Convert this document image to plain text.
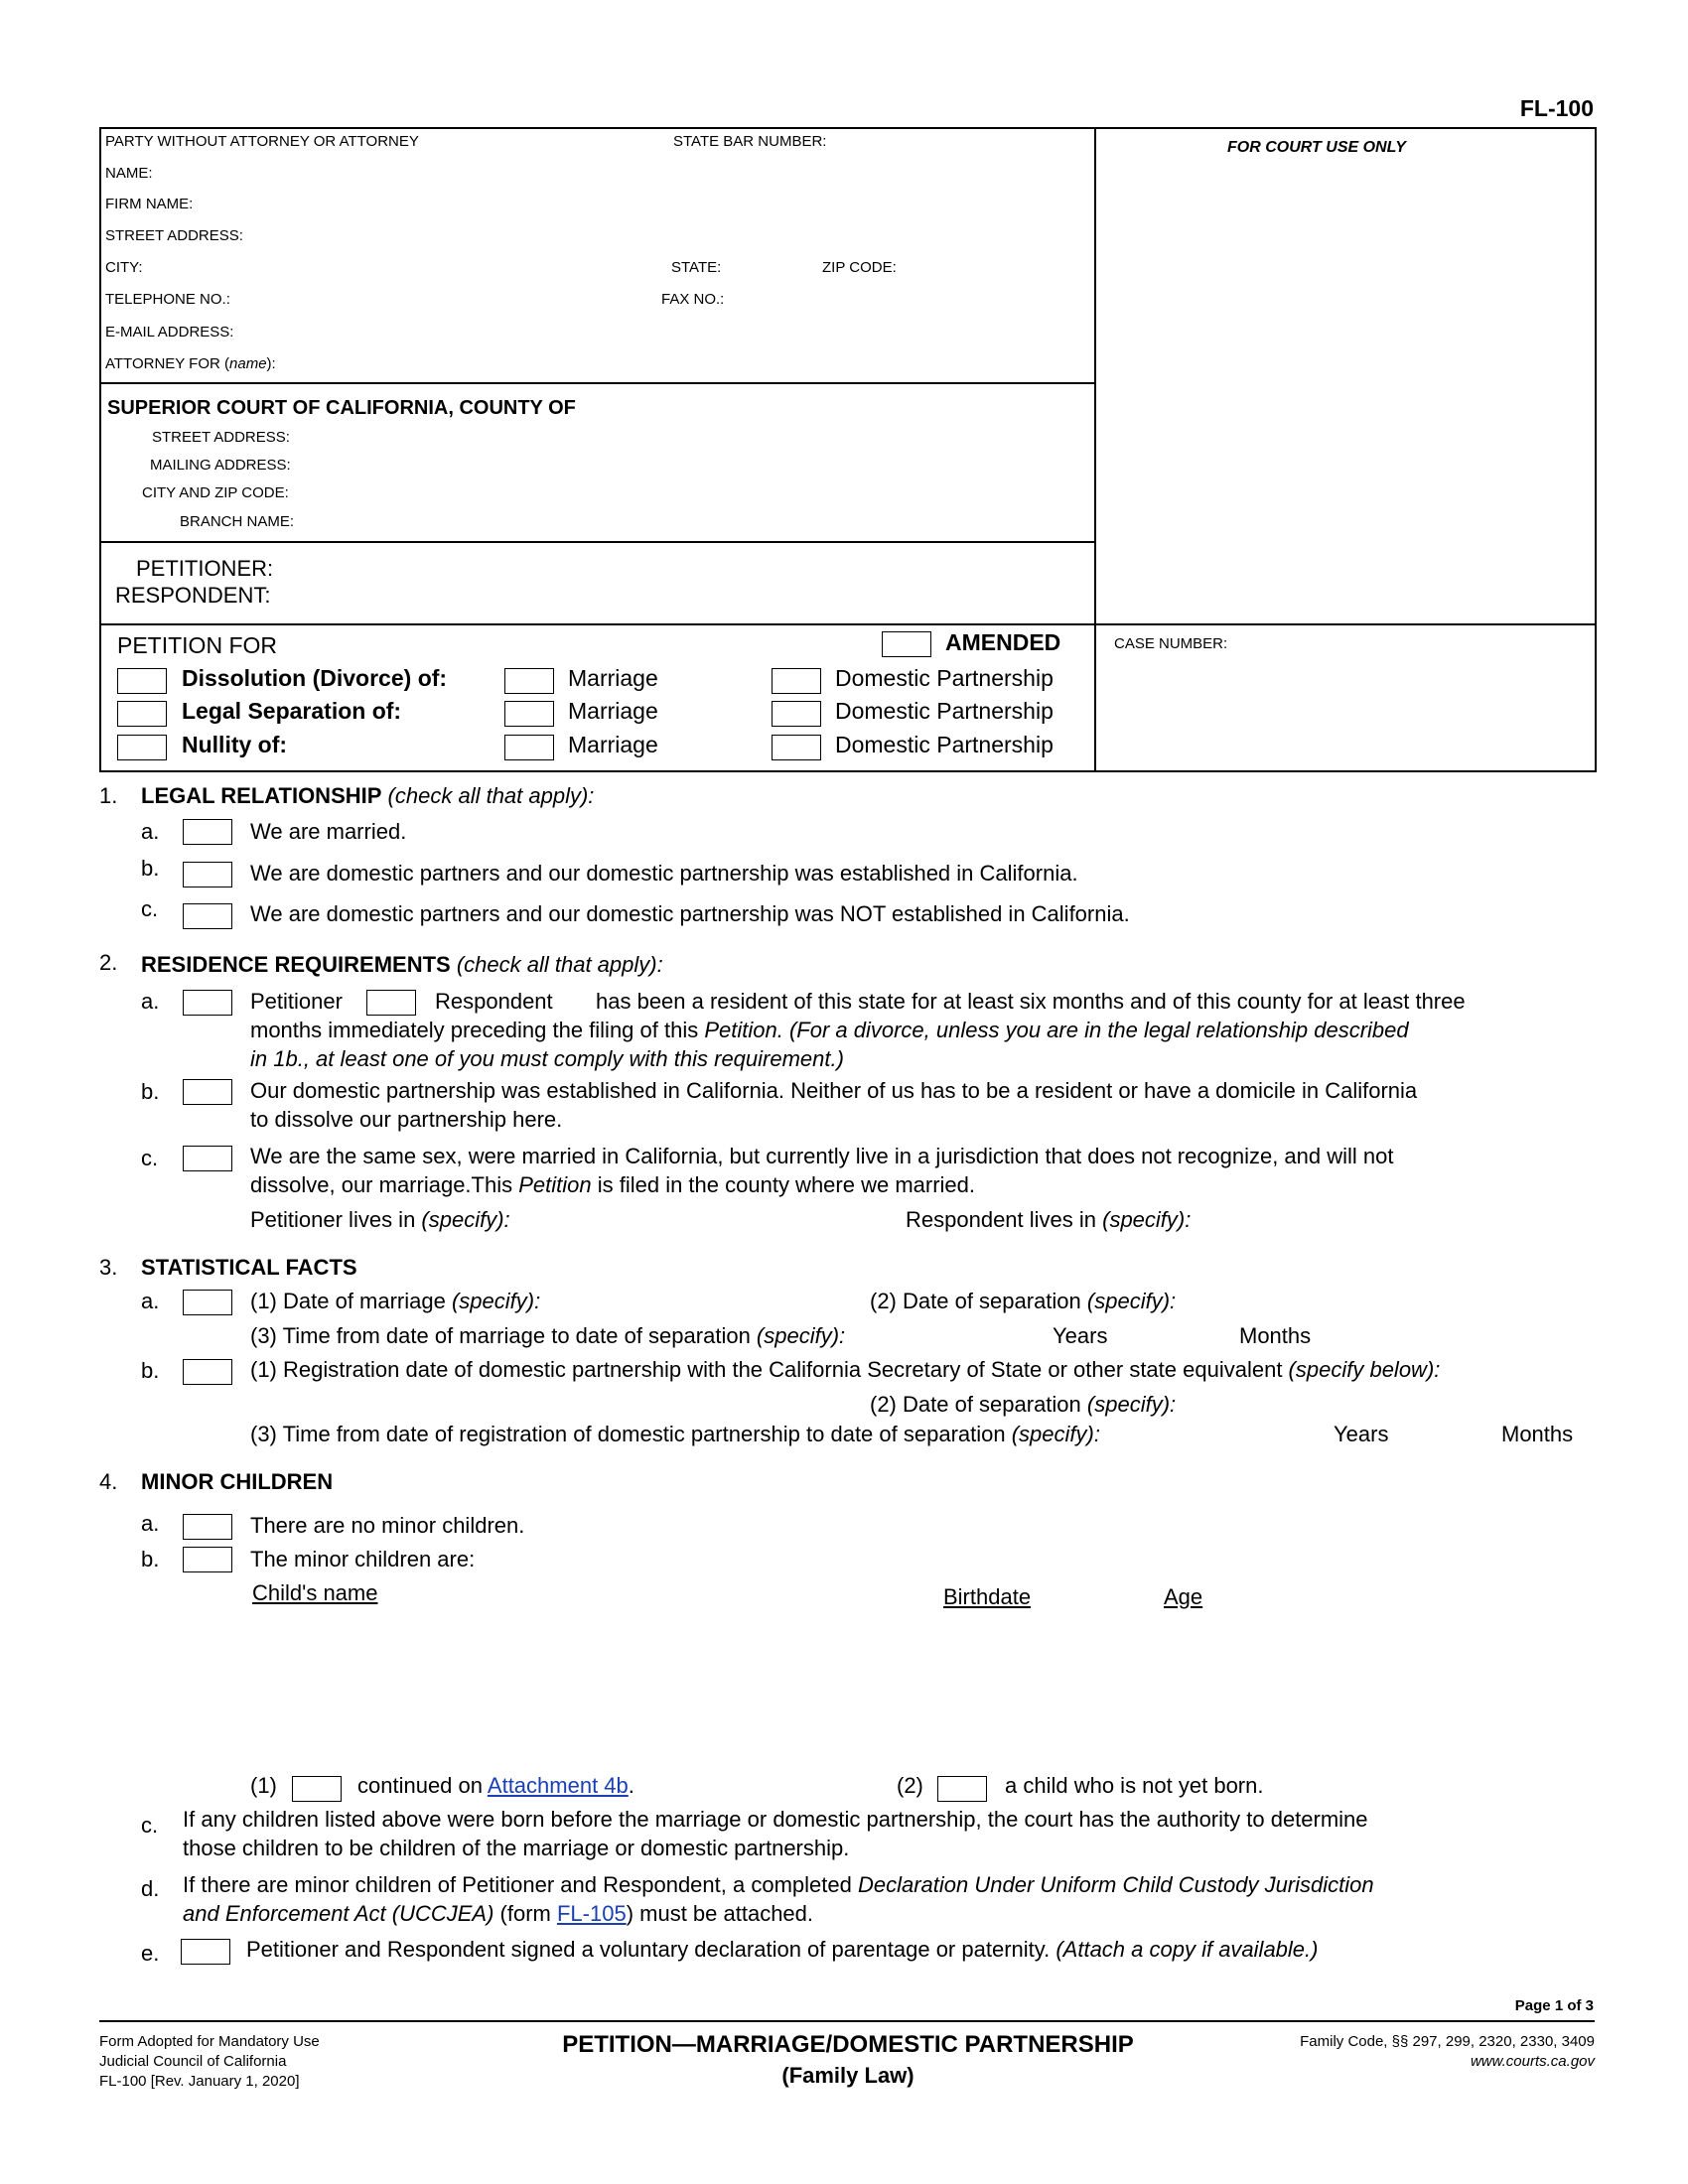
FL-100
PARTY WITHOUT ATTORNEY OR ATTORNEY	STATE BAR NUMBER:
NAME:
FIRM NAME:
STREET ADDRESS:
CITY:	STATE:	ZIP CODE:
TELEPHONE NO.:	FAX NO.:
E-MAIL ADDRESS:
ATTORNEY FOR (name):
FOR COURT USE ONLY
SUPERIOR COURT OF CALIFORNIA, COUNTY OF
STREET ADDRESS:
MAILING ADDRESS:
CITY AND ZIP CODE:
BRANCH NAME:
PETITIONER:
RESPONDENT:
PETITION FOR	AMENDED	CASE NUMBER:
Dissolution (Divorce) of:	Marriage	Domestic Partnership
Legal Separation of:	Marriage	Domestic Partnership
Nullity of:	Marriage	Domestic Partnership
1. LEGAL RELATIONSHIP (check all that apply):
a.	We are married.
b.	We are domestic partners and our domestic partnership was established in California.
c.	We are domestic partners and our domestic partnership was NOT established in California.
2. RESIDENCE REQUIREMENTS (check all that apply):
a.	Petitioner	Respondent has been a resident of this state for at least six months and of this county for at least three
months immediately preceding the filing of this Petition. (For a divorce, unless you are in the legal relationship described
in 1b., at least one of you must comply with this requirement.)
b.	Our domestic partnership was established in California. Neither of us has to be a resident or have a domicile in California
to dissolve our partnership here.
c.	We are the same sex, were married in California, but currently live in a jurisdiction that does not recognize, and will not
dissolve, our marriage.This Petition is filed in the county where we married.
Petitioner lives in (specify):	Respondent lives in (specify):
3. STATISTICAL FACTS
a.	(1) Date of marriage (specify):	(2) Date of separation (specify):
(3) Time from date of marriage to date of separation (specify):	Years	Months
b.	(1) Registration date of domestic partnership with the California Secretary of State or other state equivalent (specify below):
(2) Date of separation (specify):
(3) Time from date of registration of domestic partnership to date of separation (specify):	Years	Months
4. MINOR CHILDREN
a.	There are no minor children.
b.	The minor children are:
Child's name	Birthdate	Age
(1)	continued on Attachment 4b.	(2)	a child who is not yet born.
c. If any children listed above were born before the marriage or domestic partnership, the court has the authority to determine
those children to be children of the marriage or domestic partnership.
d. If there are minor children of Petitioner and Respondent, a completed Declaration Under Uniform Child Custody Jurisdiction
and Enforcement Act (UCCJEA) (form FL-105) must be attached.
e.	Petitioner and Respondent signed a voluntary declaration of parentage or paternity. (Attach a copy if available.)
Page 1 of 3
Form Adopted for Mandatory Use
Judicial Council of California
FL-100 [Rev. January 1, 2020]
PETITION—MARRIAGE/DOMESTIC PARTNERSHIP
(Family Law)
Family Code, §§ 297, 299, 2320, 2330, 3409
www.courts.ca.gov
